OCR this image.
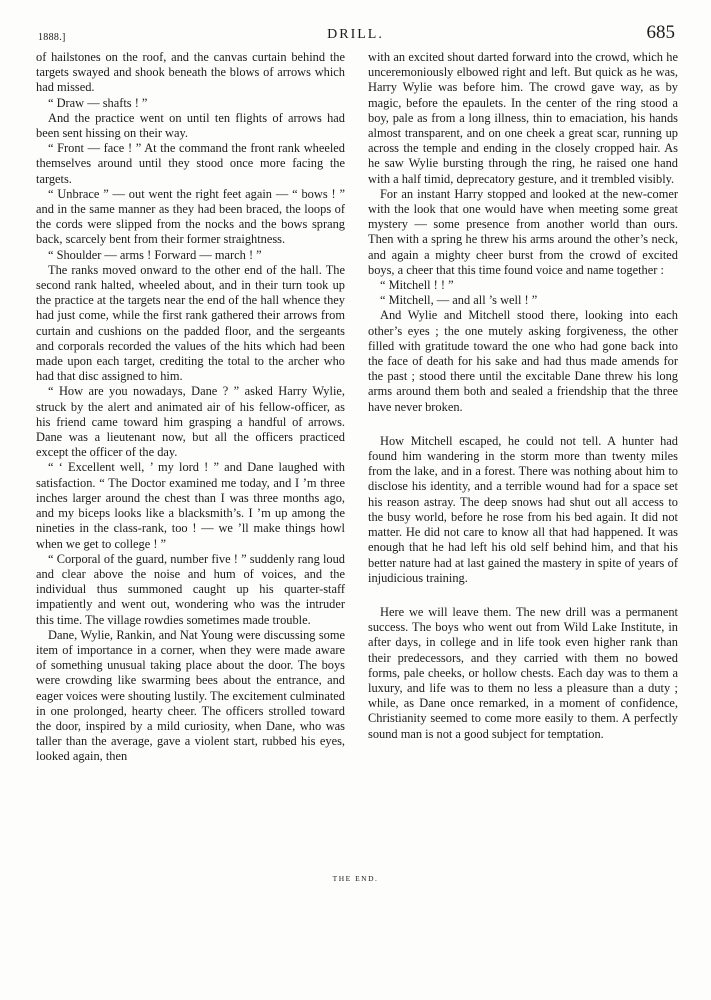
1888.]	DRILL.	685

of hailstones on the roof, and the canvas curtain behind the targets swayed and shook beneath the blows of arrows which had missed.

“ Draw — shafts ! ”

And the practice went on until ten flights of arrows had been sent hissing on their way.

“ Front — face ! ” At the command the front rank wheeled themselves around until they stood once more facing the targets.

“ Unbrace ” — out went the right feet again — “ bows ! ” and in the same manner as they had been braced, the loops of the cords were slipped from the nocks and the bows sprang back, scarcely bent from their former straightness.

“ Shoulder — arms ! Forward — march ! ”

The ranks moved onward to the other end of the hall. The second rank halted, wheeled about, and in their turn took up the practice at the targets near the end of the hall whence they had just come, while the first rank gathered their arrows from curtain and cushions on the padded floor, and the sergeants and corporals recorded the values of the hits which had been made upon each target, crediting the total to the archer who had that disc assigned to him.

“ How are you nowadays, Dane ? ” asked Harry Wylie, struck by the alert and animated air of his fellow-officer, as his friend came toward him grasping a handful of arrows. Dane was a lieutenant now, but all the officers practiced except the officer of the day.

“ ‘ Excellent well, ’ my lord ! ” and Dane laughed with satisfaction. “ The Doctor examined me today, and I ’m three inches larger around the chest than I was three months ago, and my biceps looks like a blacksmith’s. I ’m up among the nineties in the class-rank, too ! — we ’ll make things howl when we get to college ! ”

“ Corporal of the guard, number five ! ” suddenly rang loud and clear above the noise and hum of voices, and the individual thus summoned caught up his quarter-staff impatiently and went out, wondering who was the intruder this time. The village rowdies sometimes made trouble.

Dane, Wylie, Rankin, and Nat Young were discussing some item of importance in a corner, when they were made aware of something unusual taking place about the door. The boys were crowding like swarming bees about the entrance, and eager voices were shouting lustily. The excitement culminated in one prolonged, hearty cheer. The officers strolled toward the door, inspired by a mild curiosity, when Dane, who was taller than the average, gave a violent start, rubbed his eyes, looked again, then

with an excited shout darted forward into the crowd, which he unceremoniously elbowed right and left. But quick as he was, Harry Wylie was before him. The crowd gave way, as by magic, before the epaulets. In the center of the ring stood a boy, pale as from a long illness, thin to emaciation, his hands almost transparent, and on one cheek a great scar, running up across the temple and ending in the closely cropped hair. As he saw Wylie bursting through the ring, he raised one hand with a half timid, deprecatory gesture, and it trembled visibly.

For an instant Harry stopped and looked at the new-comer with the look that one would have when meeting some great mystery — some presence from another world than ours. Then with a spring he threw his arms around the other’s neck, and again a mighty cheer burst from the crowd of excited boys, a cheer that this time found voice and name together :

“ Mitchell ! ! ”

“ Mitchell, — and all ’s well ! ”

And Wylie and Mitchell stood there, looking into each other’s eyes ; the one mutely asking forgiveness, the other filled with gratitude toward the one who had gone back into the face of death for his sake and had thus made amends for the past ; stood there until the excitable Dane threw his long arms around them both and sealed a friendship that the three have never broken.

How Mitchell escaped, he could not tell. A hunter had found him wandering in the storm more than twenty miles from the lake, and in a forest. There was nothing about him to disclose his identity, and a terrible wound had for a space set his reason astray. The deep snows had shut out all access to the busy world, before he rose from his bed again. It did not matter. He did not care to know all that had happened. It was enough that he had left his old self behind him, and that his better nature had at last gained the mastery in spite of years of injudicious training.

Here we will leave them. The new drill was a permanent success. The boys who went out from Wild Lake Institute, in after days, in college and in life took even higher rank than their predecessors, and they carried with them no bowed forms, pale cheeks, or hollow chests. Each day was to them a luxury, and life was to them no less a pleasure than a duty ; while, as Dane once remarked, in a moment of confidence, Christianity seemed to come more easily to them. A perfectly sound man is not a good subject for temptation.

THE END.
